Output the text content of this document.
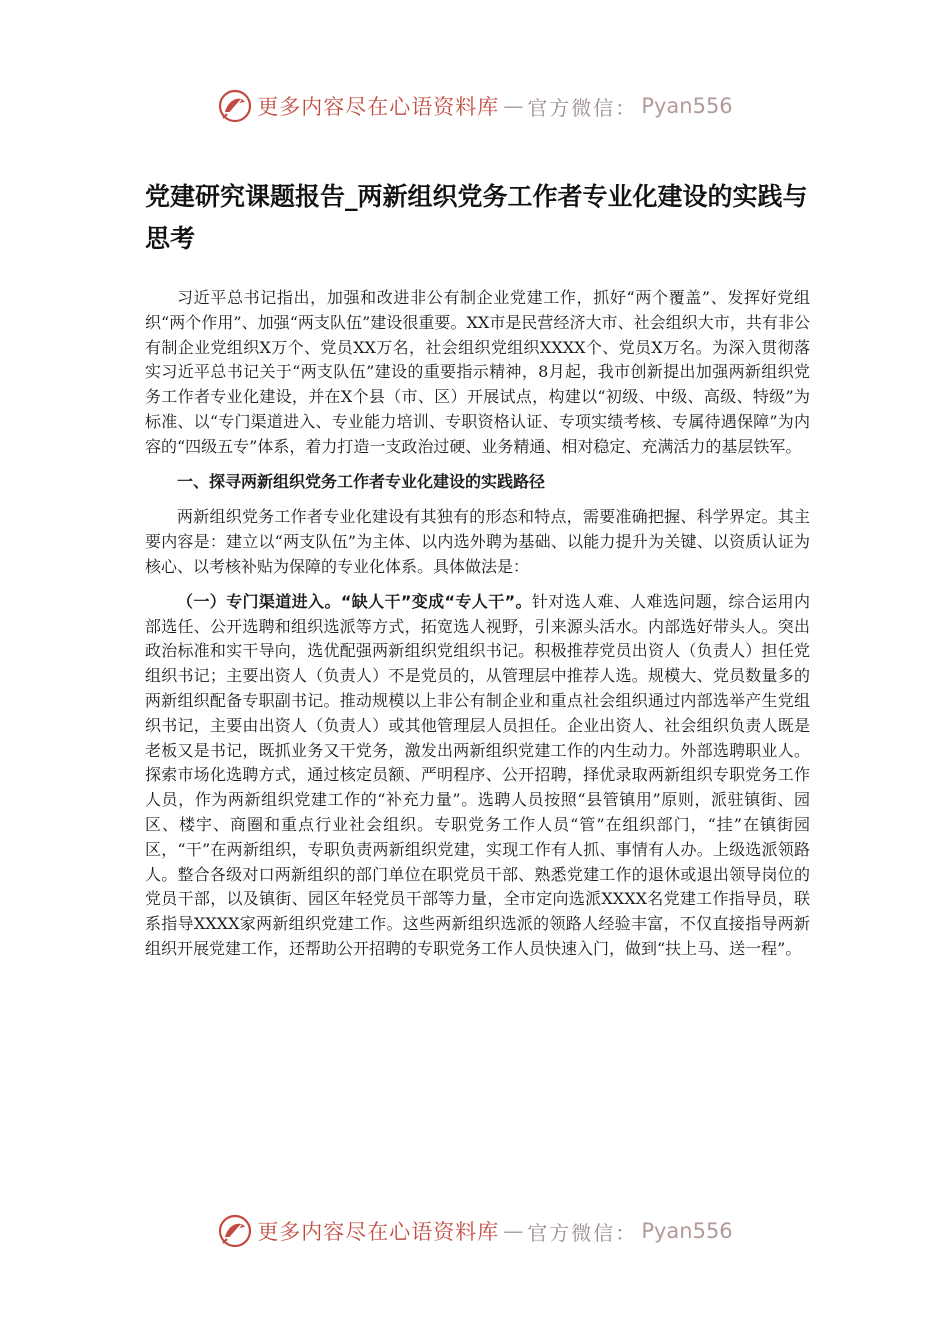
更多内容尽在心语资料库 — 官方微信： Pyan556
党建研究课题报告_两新组织党务工作者专业化建设的实践与思考

习近平总书记指出，加强和改进非公有制企业党建工作，抓好“两个覆盖”、发挥好党组织“两个作用”、加强“两支队伍”建设很重要。XX市是民营经济大市、社会组织大市，共有非公有制企业党组织X万个、党员XX万名，社会组织党组织XXXX个、党员X万名。为深入贯彻落实习近平总书记关于“两支队伍”建设的重要指示精神，8月起，我市创新提出加强两新组织党务工作者专业化建设，并在X个县（市、区）开展试点，构建以“初级、中级、高级、特级”为标准、以“专门渠道进入、专业能力培训、专职资格认证、专项实绩考核、专属待遇保障”为内容的“四级五专”体系，着力打造一支政治过硬、业务精通、相对稳定、充满活力的基层铁军。

一、探寻两新组织党务工作者专业化建设的实践路径

两新组织党务工作者专业化建设有其独有的形态和特点，需要准确把握、科学界定。其主要内容是：建立以“两支队伍”为主体、以内选外聘为基础、以能力提升为关键、以资质认证为核心、以考核补贴为保障的专业化体系。具体做法是：

（一）专门渠道进入。“缺人干”变成“专人干”。针对选人难、人难选问题，综合运用内部选任、公开选聘和组织选派等方式，拓宽选人视野，引来源头活水。内部选好带头人。突出政治标准和实干导向，选优配强两新组织党组织书记。积极推荐党员出资人（负责人）担任党组织书记；主要出资人（负责人）不是党员的，从管理层中推荐人选。规模大、党员数量多的两新组织配备专职副书记。推动规模以上非公有制企业和重点社会组织通过内部选举产生党组织书记，主要由出资人（负责人）或其他管理层人员担任。企业出资人、社会组织负责人既是老板又是书记，既抓业务又干党务，激发出两新组织党建工作的内生动力。外部选聘职业人。探索市场化选聘方式，通过核定员额、严明程序、公开招聘，择优录取两新组织专职党务工作人员，作为两新组织党建工作的“补充力量”。选聘人员按照“县管镇用”原则，派驻镇街、园区、楼宇、商圈和重点行业社会组织。专职党务工作人员“管”在组织部门，“挂”在镇街园区，“干”在两新组织，专职负责两新组织党建，实现工作有人抓、事情有人办。上级选派领路人。整合各级对口两新组织的部门单位在职党员干部、熟悉党建工作的退休或退出领导岗位的党员干部，以及镇街、园区年轻党员干部等力量，全市定向选派XXXX名党建工作指导员，联系指导XXXX家两新组织党建工作。这些两新组织选派的领路人经验丰富，不仅直接指导两新组织开展党建工作，还帮助公开招聘的专职党务工作人员快速入门，做到“扶上马、送一程”。

更多内容尽在心语资料库 — 官方微信： Pyan556
